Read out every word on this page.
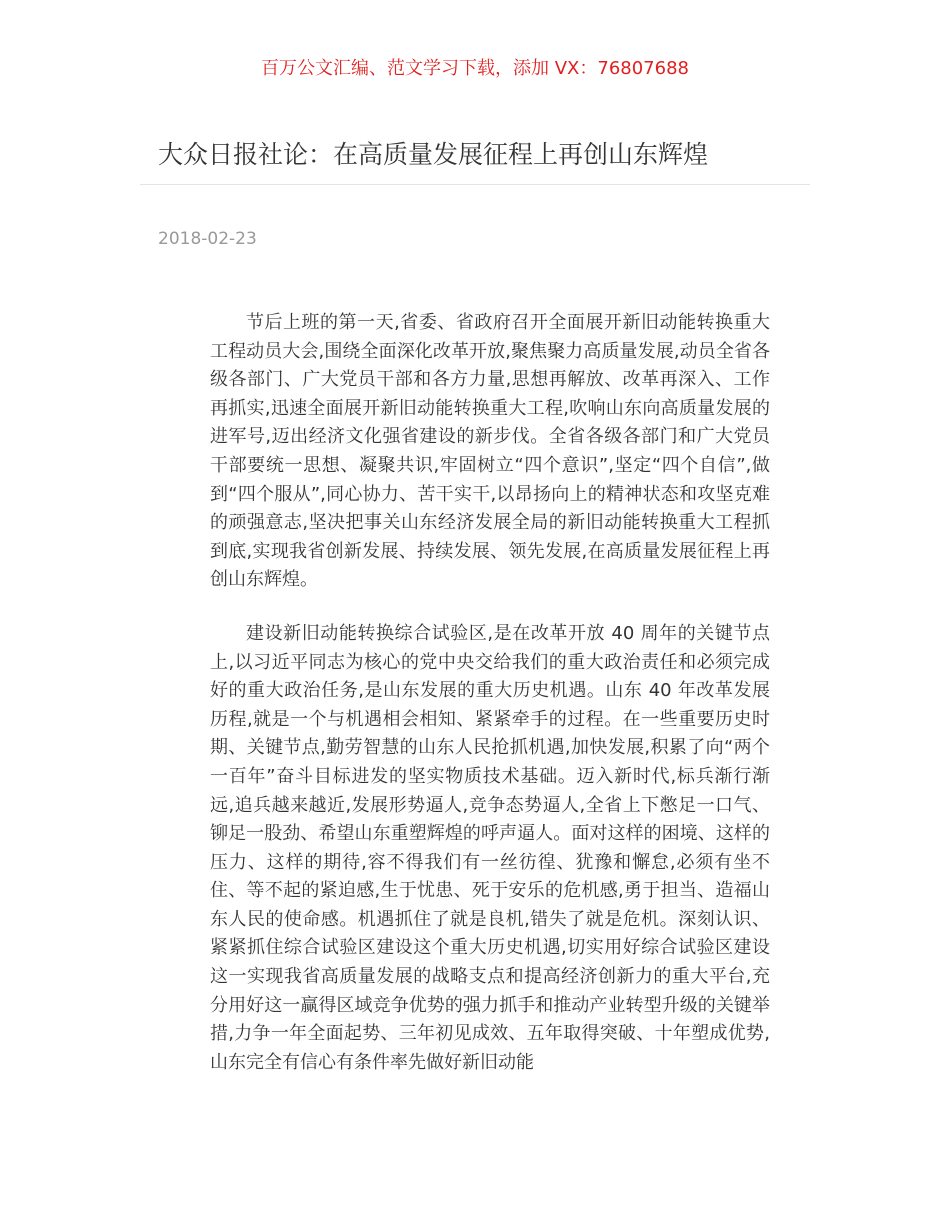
百万公文汇编、范文学习下载，添加 VX：76807688
大众日报社论：在高质量发展征程上再创山东辉煌
2018-02-23

节后上班的第一天,省委、省政府召开全面展开新旧动能转换重大工程动员大会,围绕全面深化改革开放,聚焦聚力高质量发展,动员全省各级各部门、广大党员干部和各方力量,思想再解放、改革再深入、工作再抓实,迅速全面展开新旧动能转换重大工程,吹响山东向高质量发展的进军号,迈出经济文化强省建设的新步伐。全省各级各部门和广大党员干部要统一思想、凝聚共识,牢固树立“四个意识”,坚定“四个自信”,做到“四个服从”,同心协力、苦干实干,以昂扬向上的精神状态和攻坚克难的顽强意志,坚决把事关山东经济发展全局的新旧动能转换重大工程抓到底,实现我省创新发展、持续发展、领先发展,在高质量发展征程上再创山东辉煌。

建设新旧动能转换综合试验区,是在改革开放 40 周年的关键节点上,以习近平同志为核心的党中央交给我们的重大政治责任和必须完成好的重大政治任务,是山东发展的重大历史机遇。山东 40 年改革发展历程,就是一个与机遇相会相知、紧紧牵手的过程。在一些重要历史时期、关键节点,勤劳智慧的山东人民抢抓机遇,加快发展,积累了向“两个一百年”奋斗目标进发的坚实物质技术基础。迈入新时代,标兵渐行渐远,追兵越来越近,发展形势逼人,竞争态势逼人,全省上下憋足一口气、铆足一股劲、希望山东重塑辉煌的呼声逼人。面对这样的困境、这样的压力、这样的期待,容不得我们有一丝彷徨、犹豫和懈怠,必须有坐不住、等不起的紧迫感,生于忧患、死于安乐的危机感,勇于担当、造福山东人民的使命感。机遇抓住了就是良机,错失了就是危机。深刻认识、紧紧抓住综合试验区建设这个重大历史机遇,切实用好综合试验区建设这一实现我省高质量发展的战略支点和提高经济创新力的重大平台,充分用好这一赢得区域竞争优势的强力抓手和推动产业转型升级的关键举措,力争一年全面起势、三年初见成效、五年取得突破、十年塑成优势,山东完全有信心有条件率先做好新旧动能
